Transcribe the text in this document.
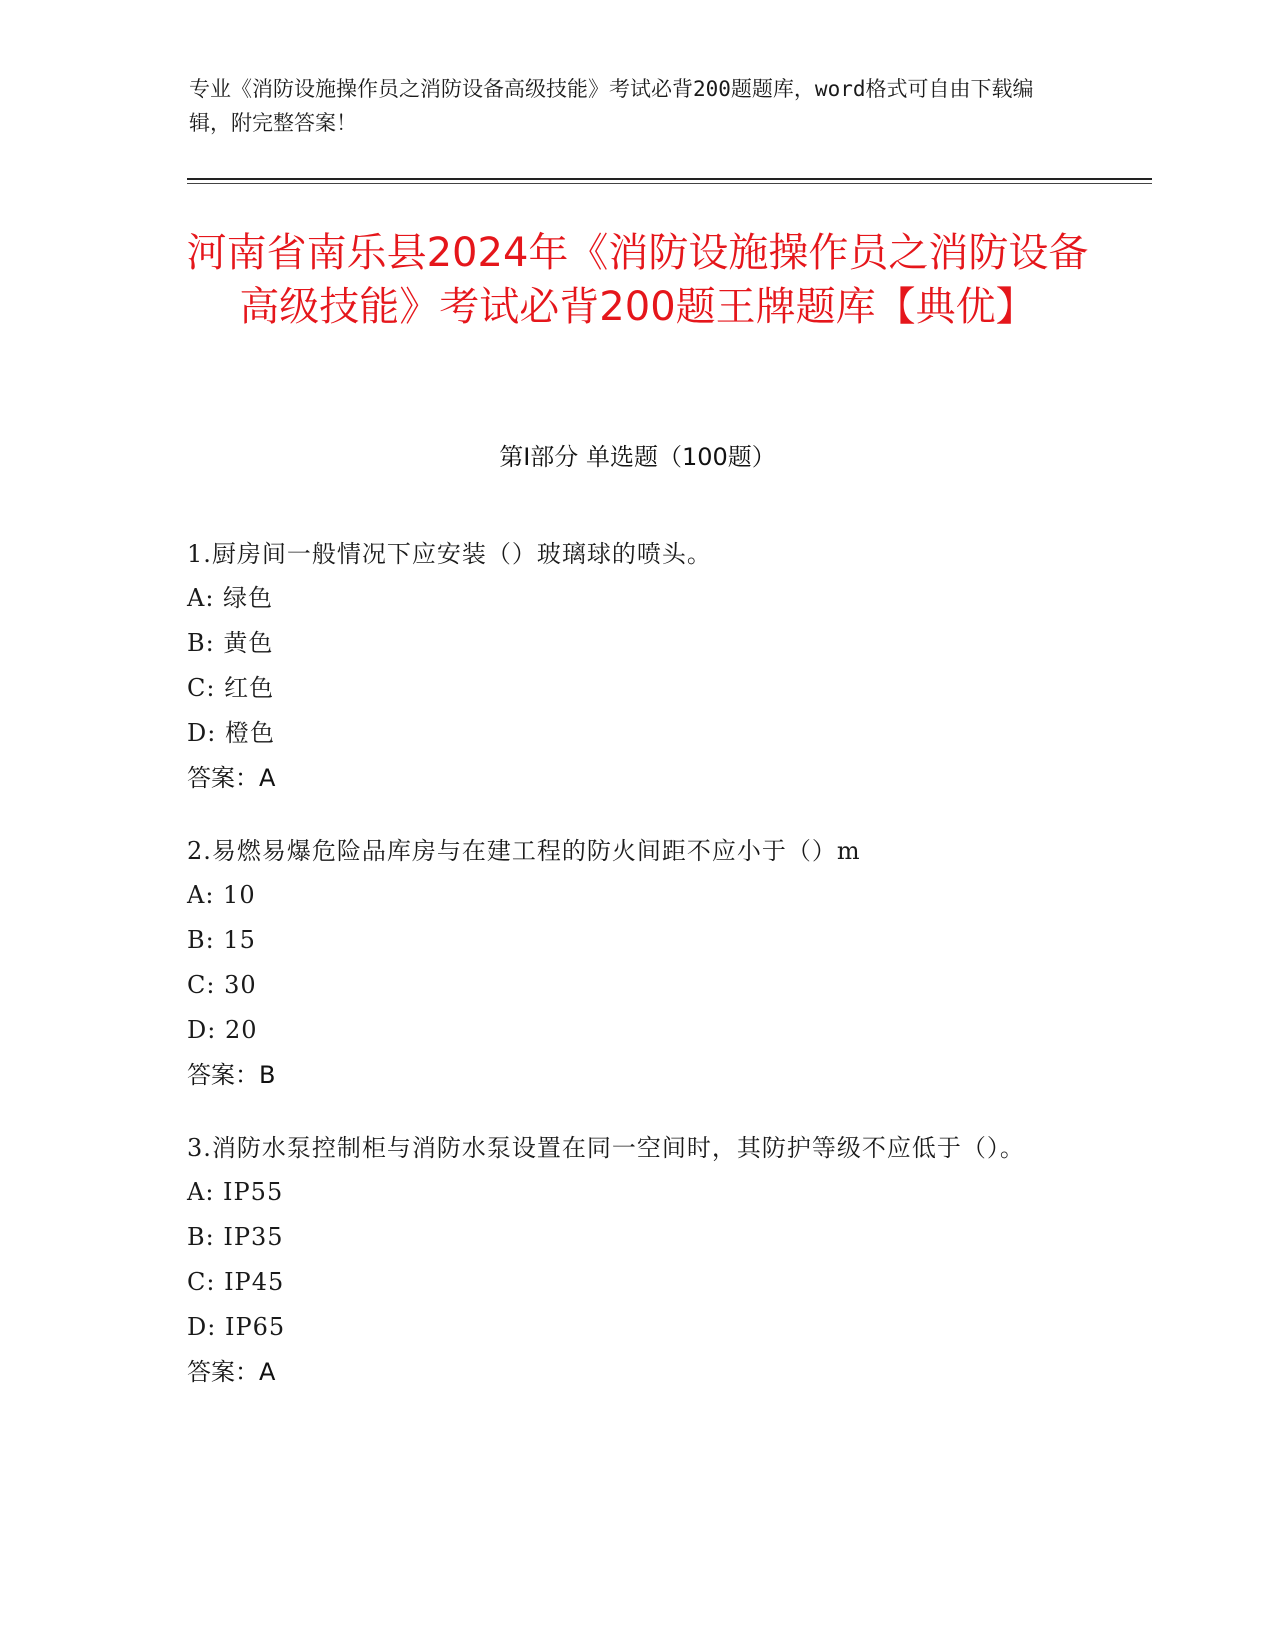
专业《消防设施操作员之消防设备高级技能》考试必背200题题库，word格式可自由下载编辑，附完整答案！
河南省南乐县2024年《消防设施操作员之消防设备高级技能》考试必背200题王牌题库【典优】
第I部分 单选题（100题）
1.厨房间一般情况下应安装（）玻璃球的喷头。
A: 绿色
B: 黄色
C: 红色
D: 橙色
答案：A
2.易燃易爆危险品库房与在建工程的防火间距不应小于（）m
A: 10
B: 15
C: 30
D: 20
答案：B
3.消防水泵控制柜与消防水泵设置在同一空间时，其防护等级不应低于（）。
A: IP55
B: IP35
C: IP45
D: IP65
答案：A
